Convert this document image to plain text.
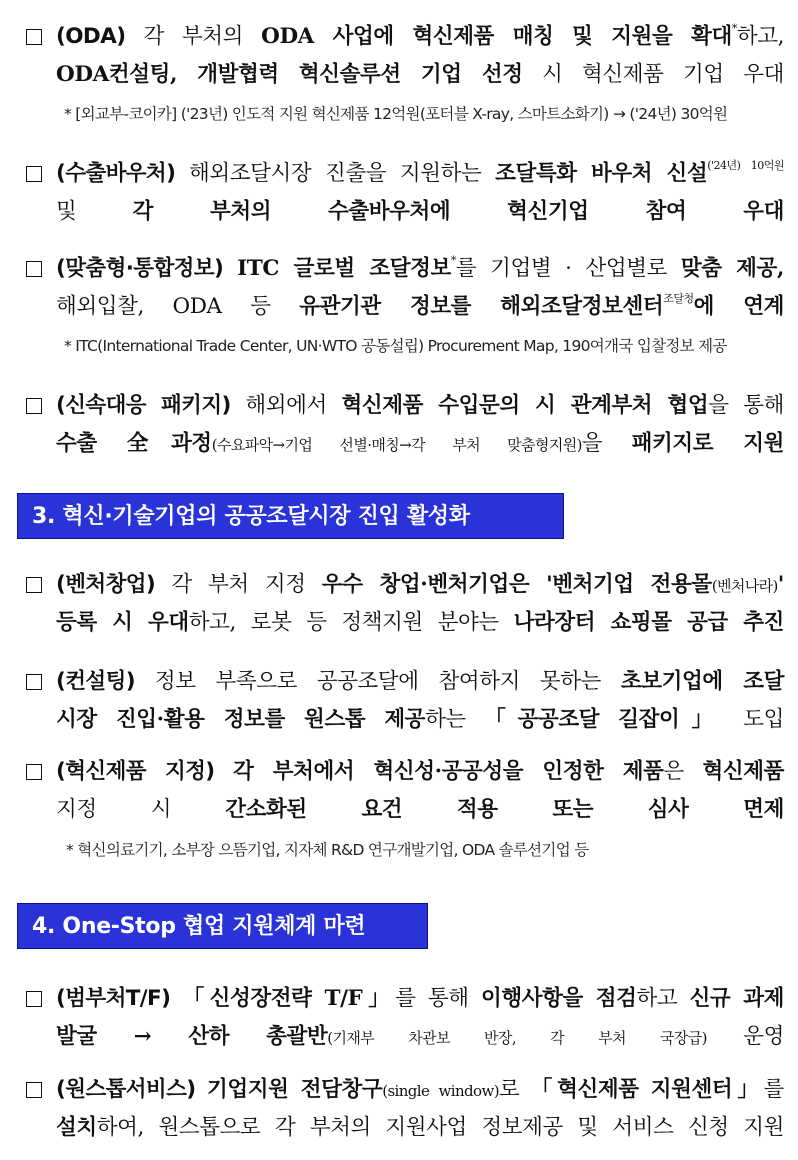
(ODA) 각 부처의 ODA 사업에 혁신제품 매칭 및 지원을 확대*하고,
ODA컨설팅, 개발협력 혁신솔루션 기업 선정 시 혁신제품 기업 우대
* [외교부-코이카] ('23년) 인도적 지원 혁신제품 12억원(포터블 X-ray, 스마트소화기) → ('24년) 30억원
(수출바우처) 해외조달시장 진출을 지원하는 조달특화 바우처 신설$^{('24년) 10억원}$
및 각 부처의 수출바우처에 혁신기업 참여 우대
(맞춤형·통합정보) ITC 글로벌 조달정보*를 기업별 · 산업별로 맞춤 제공,
해외입찰, ODA 등 유관기관 정보를 해외조달정보센터$^{조달청}$에 연계
* ITC(International Trade Center, UN·WTO 공동설립) Procurement Map, 190여개국 입찰정보 제공
(신속대응 패키지) 해외에서 혁신제품 수입문의 시 관계부처 협업을 통해
수출 全과정(수요파악→기업 선별·매칭→각 부처 맞춤형지원)을 패키지로 지원
3. 혁신·기술기업의 공공조달시장 진입 활성화
(벤처창업) 각 부처 지정 우수 창업·벤처기업은 '벤처기업 전용몰(벤처나라)'
등록 시 우대하고, 로봇 등 정책지원 분야는 나라장터 쇼핑몰 공급 추진
(컨설팅) 정보 부족으로 공공조달에 참여하지 못하는 초보기업에 조달
시장 진입·활용 정보를 원스톱 제공하는 「공공조달 길잡이」 도입
(혁신제품 지정) 각 부처에서 혁신성·공공성을 인정한 제품은 혁신제품
지정 시 간소화된 요건 적용 또는 심사 면제
* 혁신의료기기, 소부장 으뜸기업, 지자체 R&D 연구개발기업, ODA 솔루션기업 등
4. One-Stop 협업 지원체계 마련
(범부처T/F) 「신성장전략 T/F」를 통해 이행사항을 점검하고 신규 과제
발굴 → 산하 총괄반(기재부 차관보 반장, 각 부처 국장급) 운영
(원스톱서비스) 기업지원 전담창구(single window)로 「혁신제품 지원센터」를
설치하여, 원스톱으로 각 부처의 지원사업 정보제공 및 서비스 신청 지원
